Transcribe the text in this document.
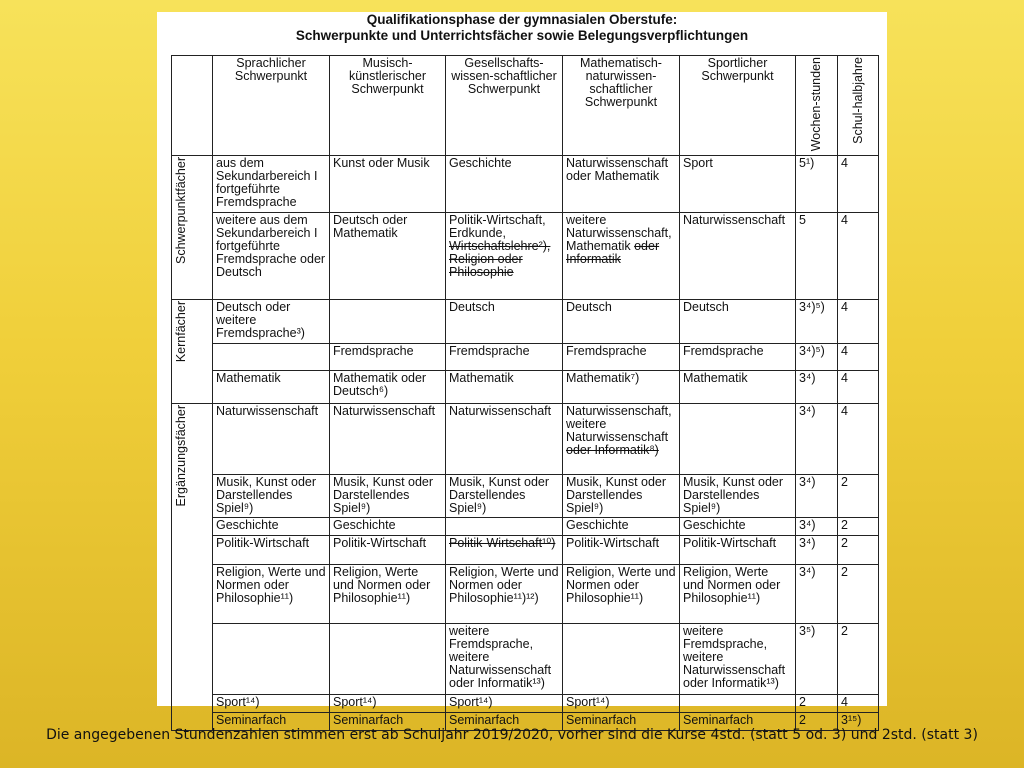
Qualifikationsphase der gymnasialen Oberstufe:
Schwerpunkte und Unterrichtsfächer sowie Belegungsverpflichtungen
	Sprachlicher Schwerpunkt	Musisch-künstlerischer Schwerpunkt	Gesellschafts-wissen-schaftlicher Schwerpunkt	Mathematisch-naturwissen-schaftlicher Schwerpunkt	Sportlicher Schwerpunkt	Wochen-stunden	Schul-halbjahre
Schwerpunktfächer	aus dem Sekundarbereich I fortgeführte Fremdsprache	Kunst oder Musik	Geschichte	Naturwissenschaft oder Mathematik	Sport	5¹)	4
	weitere aus dem Sekundarbereich I fortgeführte Fremdsprache oder Deutsch	Deutsch oder Mathematik	Politik-Wirtschaft, Erdkunde, Wirtschaftslehre²), Religion oder Philosophie	weitere Naturwissenschaft, Mathematik oder Informatik	Naturwissenschaft	5	4
Kernfächer	Deutsch oder weitere Fremdsprache³)		Deutsch	Deutsch	Deutsch	3⁴)⁵)	4
		Fremdsprache	Fremdsprache	Fremdsprache	Fremdsprache	3⁴)⁵)	4
	Mathematik	Mathematik oder Deutsch⁶)	Mathematik	Mathematik⁷)	Mathematik	3⁴)	4
Ergänzungsfächer	Naturwissenschaft	Naturwissenschaft	Naturwissenschaft	Naturwissenschaft, weitere Naturwissenschaft oder Informatik⁸)		3⁴)	4
	Musik, Kunst oder Darstellendes Spiel⁹)	Musik, Kunst oder Darstellendes Spiel⁹)	Musik, Kunst oder Darstellendes Spiel⁹)	Musik, Kunst oder Darstellendes Spiel⁹)	Musik, Kunst oder Darstellendes Spiel⁹)	3⁴)	2
	Geschichte	Geschichte		Geschichte	Geschichte	3⁴)	2
	Politik-Wirtschaft	Politik-Wirtschaft	Politik-Wirtschaft¹⁰)	Politik-Wirtschaft	Politik-Wirtschaft	3⁴)	2
	Religion, Werte und Normen oder Philosophie¹¹)	Religion, Werte und Normen oder Philosophie¹¹)	Religion, Werte und Normen oder Philosophie¹¹)¹²)	Religion, Werte und Normen oder Philosophie¹¹)	Religion, Werte und Normen oder Philosophie¹¹)	3⁴)	2
			weitere Fremdsprache, weitere Naturwissenschaft oder Informatik¹³)		weitere Fremdsprache, weitere Naturwissenschaft oder Informatik¹³)	3⁵)	2
	Sport¹⁴)	Sport¹⁴)	Sport¹⁴)	Sport¹⁴)		2	4
	Seminarfach	Seminarfach	Seminarfach	Seminarfach	Seminarfach	2	3¹⁵)
Die angegebenen Stundenzahlen stimmen erst ab Schuljahr 2019/2020, vorher sind die Kurse 4std. (statt 5 od. 3) und 2std. (statt 3)
